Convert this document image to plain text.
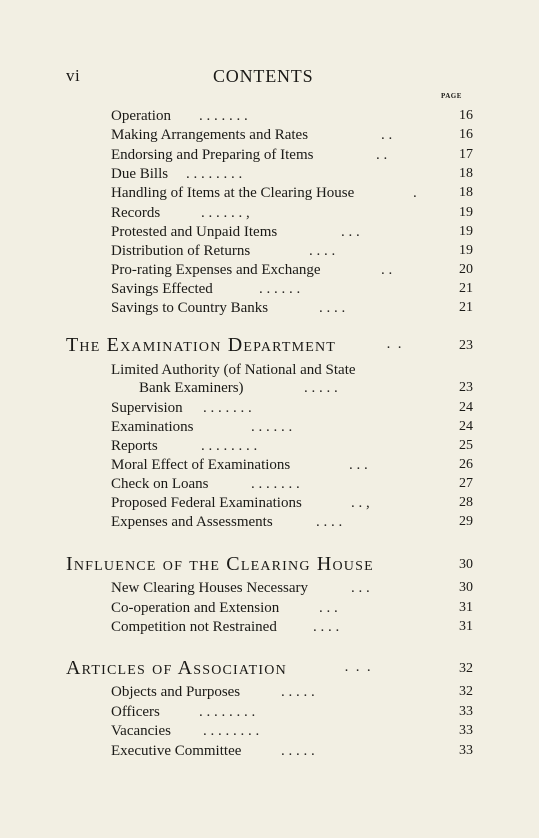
vi	CONTENTS
PAGE
Operation . . . . . . .	16
Making Arrangements and Rates	. .	16
Endorsing and Preparing of Items	. .	17
Due Bills . . . . . . . .	18
Handling of Items at the Clearing House	.	18
Records	. . . . . . ,	19
Protested and Unpaid Items	. . .	19
Distribution of Returns	. . . .	19
Pro-rating Expenses and Exchange	. .	20
Savings Effected	. . . . . .	21
Savings to Country Banks	. . . .	21
The Examination Department	· ·	23
Limited Authority (of National and State
Bank Examiners)	. . . . .	23
Supervision . . . . . . .	24
Examinations	. . . . . .	24
Reports	. . . . . . . .	25
Moral Effect of Examinations	. . .	26
Check on Loans	. . . . . . .	27
Proposed Federal Examinations	. . ,	28
Expenses and Assessments	. . . .	29
Influence of the Clearing House	30
New Clearing Houses Necessary	. . .	30
Co-operation and Extension	. . .	31
Competition not Restrained . . . .	31
Articles of Association	· · ·	32
Objects and Purposes	. . . . .	32
Officers	. . . . . . . .	33
Vacancies . . . . . . . .	33
Executive Committee	. . . . .	33
